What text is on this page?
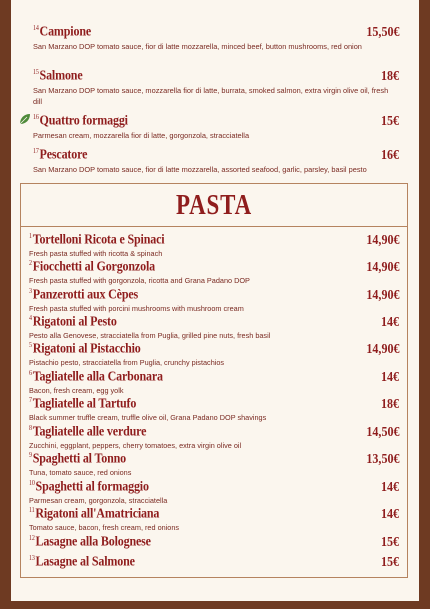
$^{14}$Campione	15,50€
San Marzano DOP tomato sauce, fior di latte mozzarella, minced beef, button mushrooms, red onion
$^{15}$Salmone	18€
San Marzano DOP tomato sauce, mozzarella fior di latte, burrata, smoked salmon, extra virgin olive oil, fresh dill
$^{16}$Quattro formaggi	15€
Parmesan cream, mozzarella fior di latte, gorgonzola, stracciatella
$^{17}$Pescatore	16€
San Marzano DOP tomato sauce, fior di latte mozzarella, assorted seafood, garlic, parsley, basil pesto
PASTA
$^1$Tortelloni Ricota e Spinaci	14,90€
Fresh pasta stuffed with ricotta & spinach
$^2$Fiocchetti al Gorgonzola	14,90€
Fresh pasta stuffed with gorgonzola, ricotta and Grana Padano DOP
$^3$Panzerotti aux Cèpes	14,90€
Fresh pasta stuffed with porcini mushrooms with mushroom cream
$^4$Rigatoni al Pesto	14€
Pesto alla Genovese, stracciatella from Puglia, grilled pine nuts, fresh basil
$^5$Rigatoni al Pistacchio	14,90€
Pistachio pesto, stracciatella from Puglia, crunchy pistachios
$^6$Tagliatelle alla Carbonara	14€
Bacon, fresh cream, egg yolk
$^7$Tagliatelle al Tartufo	18€
Black summer truffle cream, truffle olive oil, Grana Padano DOP shavings
$^8$Tagliatelle alle verdure	14,50€
Zucchini, eggplant, peppers, cherry tomatoes, extra virgin olive oil
$^9$Spaghetti al Tonno	13,50€
Tuna, tomato sauce, red onions
$^{10}$Spaghetti al formaggio	14€
Parmesan cream, gorgonzola, stracciatella
$^{11}$Rigatoni all'Amatriciana	14€
Tomato sauce, bacon, fresh cream, red onions
$^{12}$Lasagne alla Bolognese	15€
$^{13}$Lasagne al Salmone	15€
